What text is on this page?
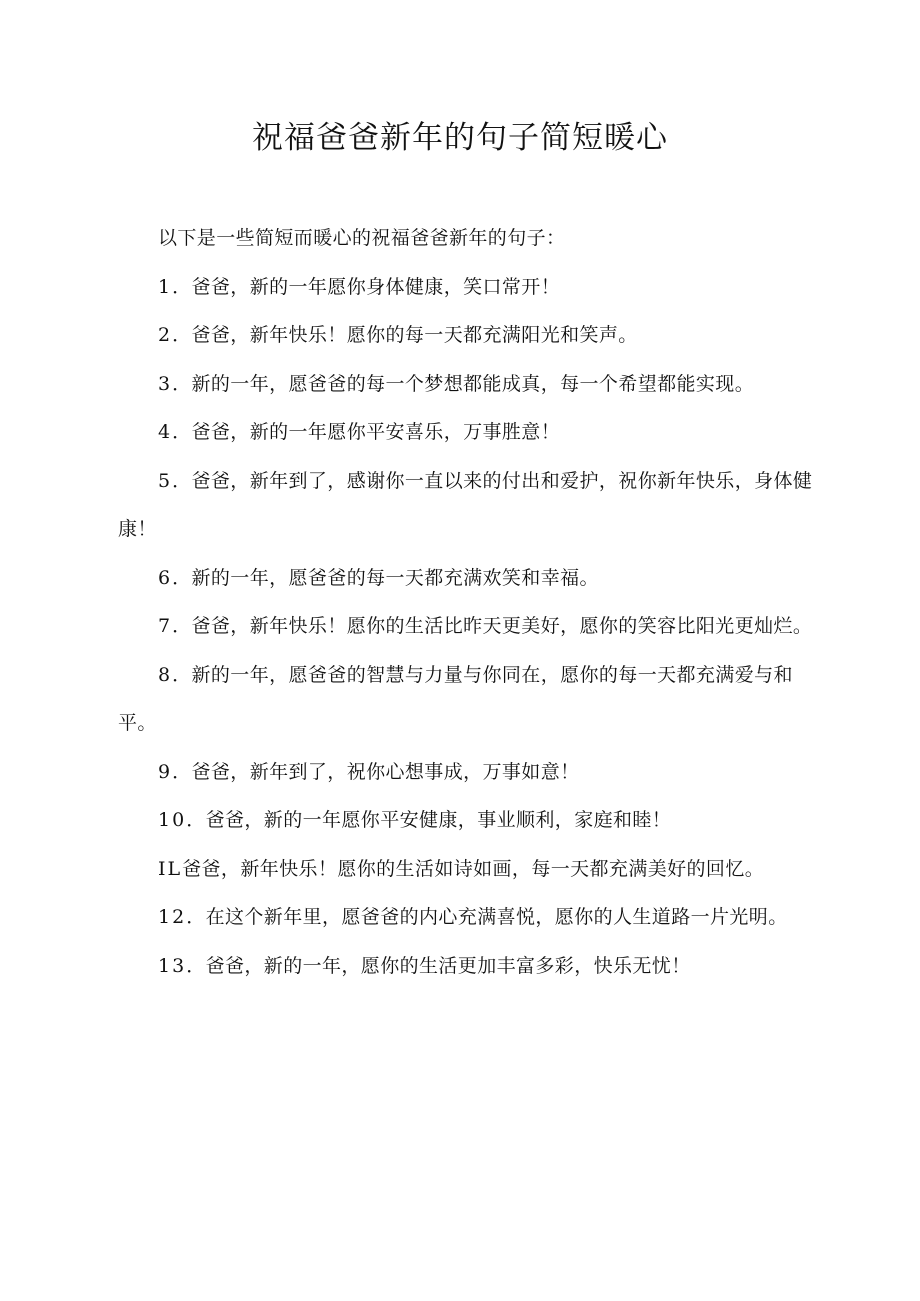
祝福爸爸新年的句子简短暖心

以下是一些简短而暖心的祝福爸爸新年的句子：

1．爸爸，新的一年愿你身体健康，笑口常开！

2．爸爸，新年快乐！愿你的每一天都充满阳光和笑声。

3．新的一年，愿爸爸的每一个梦想都能成真，每一个希望都能实现。

4．爸爸，新的一年愿你平安喜乐，万事胜意！

5．爸爸，新年到了，感谢你一直以来的付出和爱护，祝你新年快乐，身体健康！

6．新的一年，愿爸爸的每一天都充满欢笑和幸福。

7．爸爸，新年快乐！愿你的生活比昨天更美好，愿你的笑容比阳光更灿烂。

8．新的一年，愿爸爸的智慧与力量与你同在，愿你的每一天都充满爱与和平。

9．爸爸，新年到了，祝你心想事成，万事如意！

10．爸爸，新的一年愿你平安健康，事业顺利，家庭和睦！

IL爸爸，新年快乐！愿你的生活如诗如画，每一天都充满美好的回忆。

12．在这个新年里，愿爸爸的内心充满喜悦，愿你的人生道路一片光明。

13．爸爸，新的一年，愿你的生活更加丰富多彩，快乐无忧！
